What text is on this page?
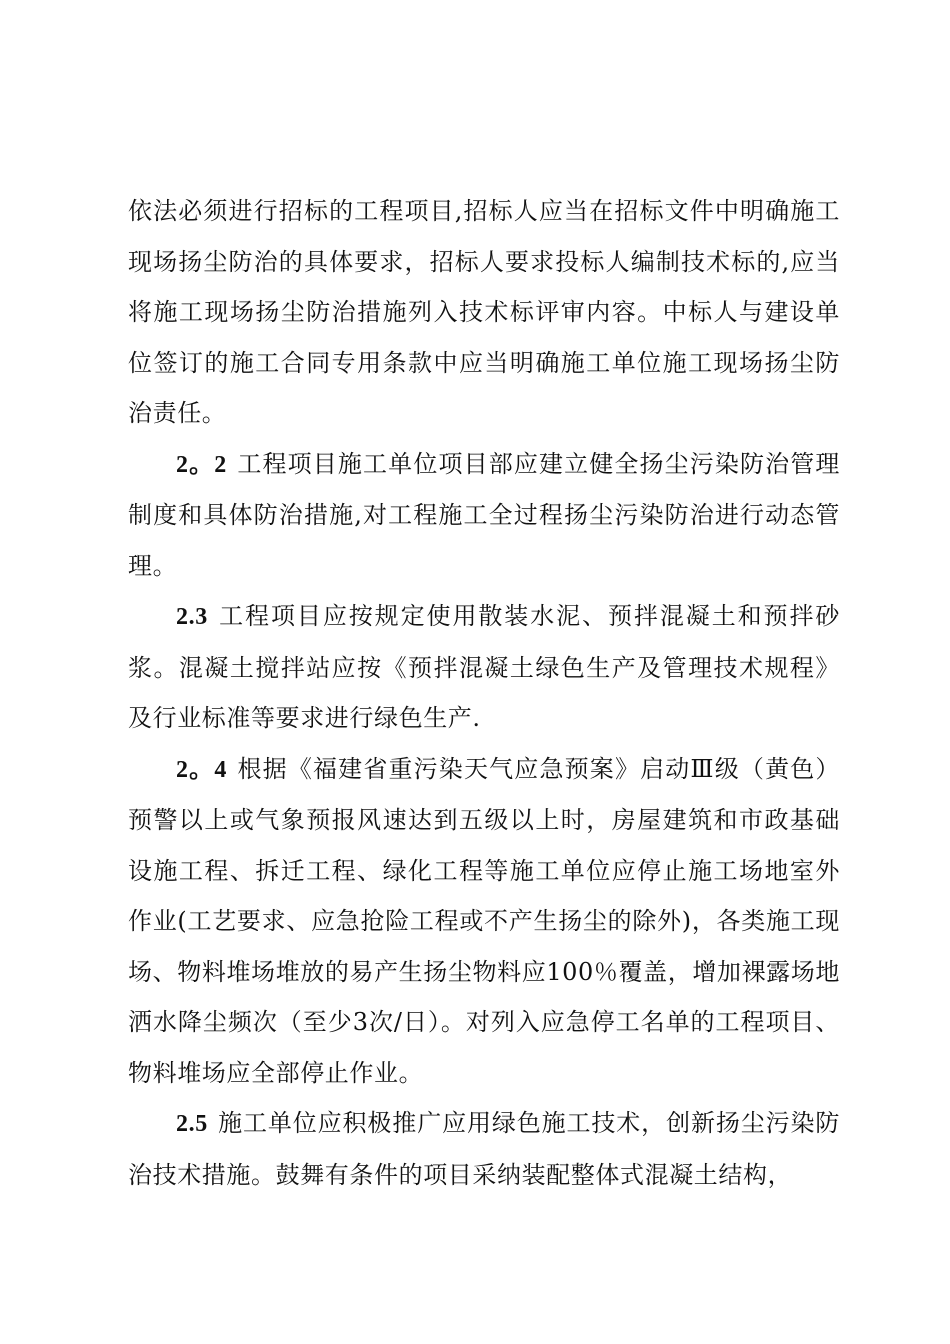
依法必须进行招标的工程项目,招标人应当在招标文件中明确施工现场扬尘防治的具体要求，招标人要求投标人编制技术标的,应当将施工现场扬尘防治措施列入技术标评审内容。中标人与建设单位签订的施工合同专用条款中应当明确施工单位施工现场扬尘防治责任。

2。2 工程项目施工单位项目部应建立健全扬尘污染防治管理制度和具体防治措施,对工程施工全过程扬尘污染防治进行动态管理。

2.3 工程项目应按规定使用散装水泥、预拌混凝土和预拌砂浆。混凝土搅拌站应按《预拌混凝土绿色生产及管理技术规程》及行业标准等要求进行绿色生产.

2。4 根据《福建省重污染天气应急预案》启动Ⅲ级（黄色）预警以上或气象预报风速达到五级以上时，房屋建筑和市政基础设施工程、拆迁工程、绿化工程等施工单位应停止施工场地室外作业(工艺要求、应急抢险工程或不产生扬尘的除外)，各类施工现场、物料堆场堆放的易产生扬尘物料应100％覆盖，增加裸露场地洒水降尘频次（至少3次/日）。对列入应急停工名单的工程项目、物料堆场应全部停止作业。

2.5 施工单位应积极推广应用绿色施工技术，创新扬尘污染防治技术措施。鼓舞有条件的项目采纳装配整体式混凝土结构，
